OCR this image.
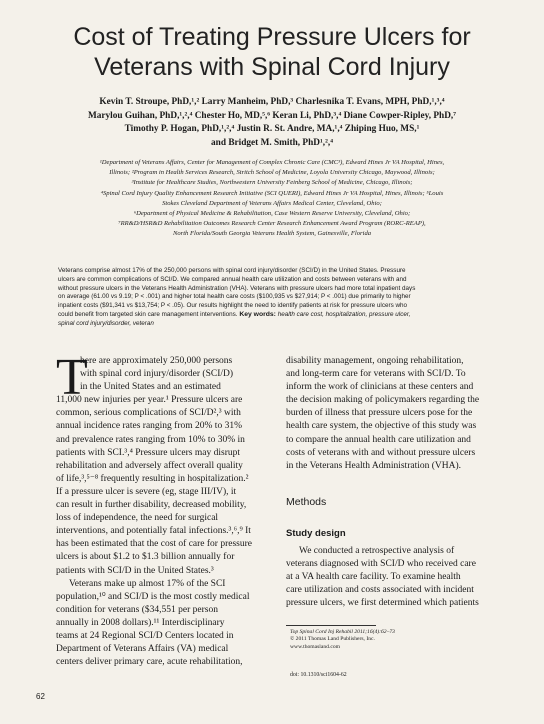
Cost of Treating Pressure Ulcers for
Veterans with Spinal Cord Injury
Kevin T. Stroupe, PhD,¹,² Larry Manheim, PhD,³ Charlesnika T. Evans, MPH, PhD,¹,³,⁴
Marylou Guihan, PhD,¹,²,⁴ Chester Ho, MD,⁵,⁶ Keran Li, PhD,³,⁴ Diane Cowper-Ripley, PhD,⁷
Timothy P. Hogan, PhD,¹,²,⁴ Justin R. St. Andre, MA,¹,⁴ Zhiping Huo, MS,¹
and Bridget M. Smith, PhD¹,²,⁴
¹Department of Veterans Affairs, Center for Management of Complex Chronic Care (CMC³), Edward Hines Jr VA Hospital, Hines,
Illinois; ²Program in Health Services Research, Stritch School of Medicine, Loyola University Chicago, Maywood, Illinois;
³Institute for Healthcare Studies, Northwestern University Feinberg School of Medicine, Chicago, Illinois;
⁴Spinal Cord Injury Quality Enhancement Research Initiative (SCI QUERI), Edward Hines Jr VA Hospital, Hines, Illinois; ⁵Louis
Stokes Cleveland Department of Veterans Affairs Medical Center, Cleveland, Ohio;
⁶Department of Physical Medicine & Rehabilitation, Case Western Reserve University, Cleveland, Ohio;
⁷RR&D/HSR&D Rehabilitation Outcomes Research Center Research Enhancement Award Program (RORC-REAP),
North Florida/South Georgia Veterans Health System, Gainesville, Florida
Veterans comprise almost 17% of the 250,000 persons with spinal cord injury/disorder (SCI/D) in the United States. Pressure
ulcers are common complications of SCI/D. We compared annual health care utilization and costs between veterans with and
without pressure ulcers in the Veterans Health Administration (VHA). Veterans with pressure ulcers had more total inpatient days
on average (61.00 vs 9.19; P < .001) and higher total health care costs ($100,935 vs $27,914; P < .001) due primarily to higher
inpatient costs ($91,341 vs $13,754; P < .05). Our results highlight the need to identify patients at risk for pressure ulcers who
could benefit from targeted skin care management interventions. Key words: health care cost, hospitalization, pressure ulcer,
spinal cord injury/disorder, veteran
T
here are approximately 250,000 persons
with spinal cord injury/disorder (SCI/D)
in the United States and an estimated
11,000 new injuries per year.¹ Pressure ulcers are
common, serious complications of SCI/D²,³ with
annual incidence rates ranging from 20% to 31%
and prevalence rates ranging from 10% to 30% in
patients with SCI.³,⁴ Pressure ulcers may disrupt
rehabilitation and adversely affect overall quality
of life,³,⁵⁻⁸ frequently resulting in hospitalization.²
If a pressure ulcer is severe (eg, stage III/IV), it
can result in further disability, decreased mobility,
loss of independence, the need for surgical
interventions, and potentially fatal infections.³,⁶,⁹ It
has been estimated that the cost of care for pressure
ulcers is about $1.2 to $1.3 billion annually for
patients with SCI/D in the United States.³
Veterans make up almost 17% of the SCI
population,¹⁰ and SCI/D is the most costly medical
condition for veterans ($34,551 per person
annually in 2008 dollars).¹¹ Interdisciplinary
teams at 24 Regional SCI/D Centers located in
Department of Veterans Affairs (VA) medical
centers deliver primary care, acute rehabilitation,
disability management, ongoing rehabilitation,
and long-term care for veterans with SCI/D. To
inform the work of clinicians at these centers and
the decision making of policymakers regarding the
burden of illness that pressure ulcers pose for the
health care system, the objective of this study was
to compare the annual health care utilization and
costs of veterans with and without pressure ulcers
in the Veterans Health Administration (VHA).
Methods
Study design
We conducted a retrospective analysis of
veterans diagnosed with SCI/D who received care
at a VA health care facility. To examine health
care utilization and costs associated with incident
pressure ulcers, we first determined which patients
Top Spinal Cord Inj Rehabil 2011;16(4):62–73
© 2011 Thomas Land Publishers, Inc.
www.thomasland.com
doi: 10.1310/sci1604-62
62
